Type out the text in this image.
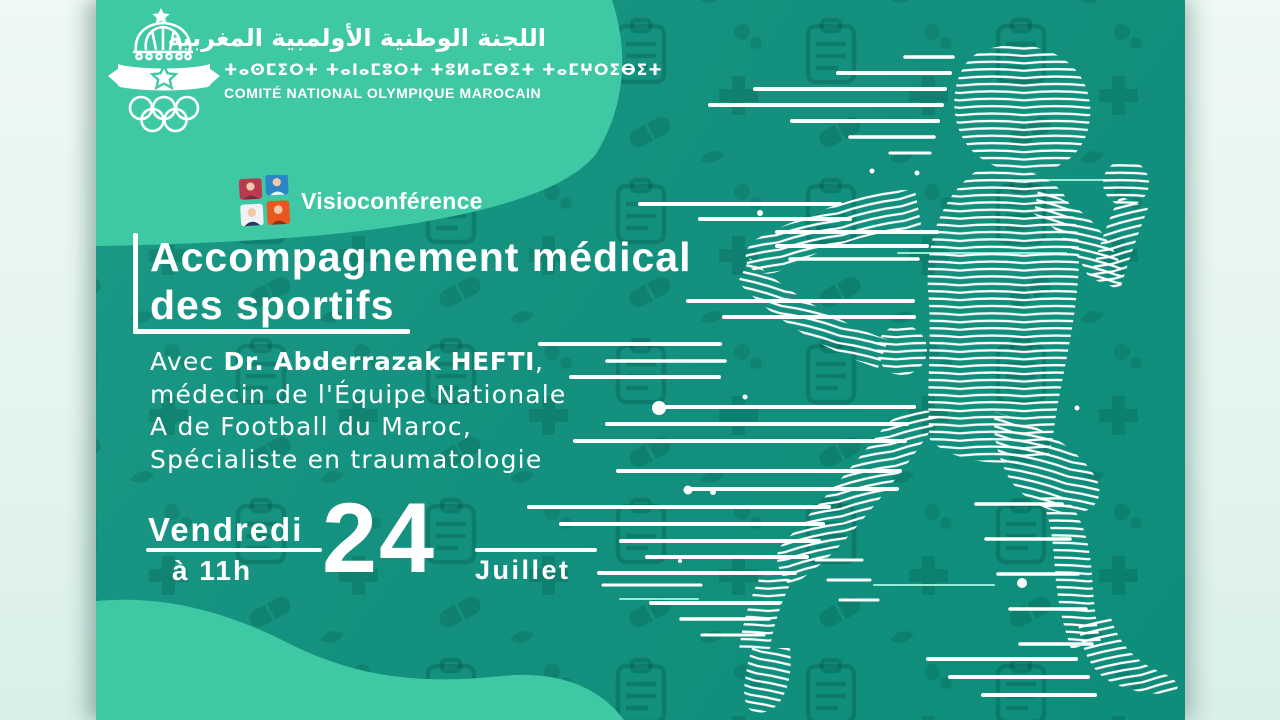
اللجنة الوطنية الأولمبية المغربية
ⵜⴰⵙⵎⵉⵔⵜ ⵜⴰⵏⴰⵎⵓⵔⵜ ⵜⵓⵍⴰⵎⴱⵉⵜ ⵜⴰⵎⵖⵔⵉⴱⵉⵜ
COMITÉ NATIONAL OLYMPIQUE MAROCAIN
Visioconférence
Accompagnement médical
des sportifs
Avec Dr. Abderrazak HEFTI,
médecin de l'Équipe Nationale
A de Football du Maroc,
Spécialiste en traumatologie
Vendredi
à 11h 24 Juillet
